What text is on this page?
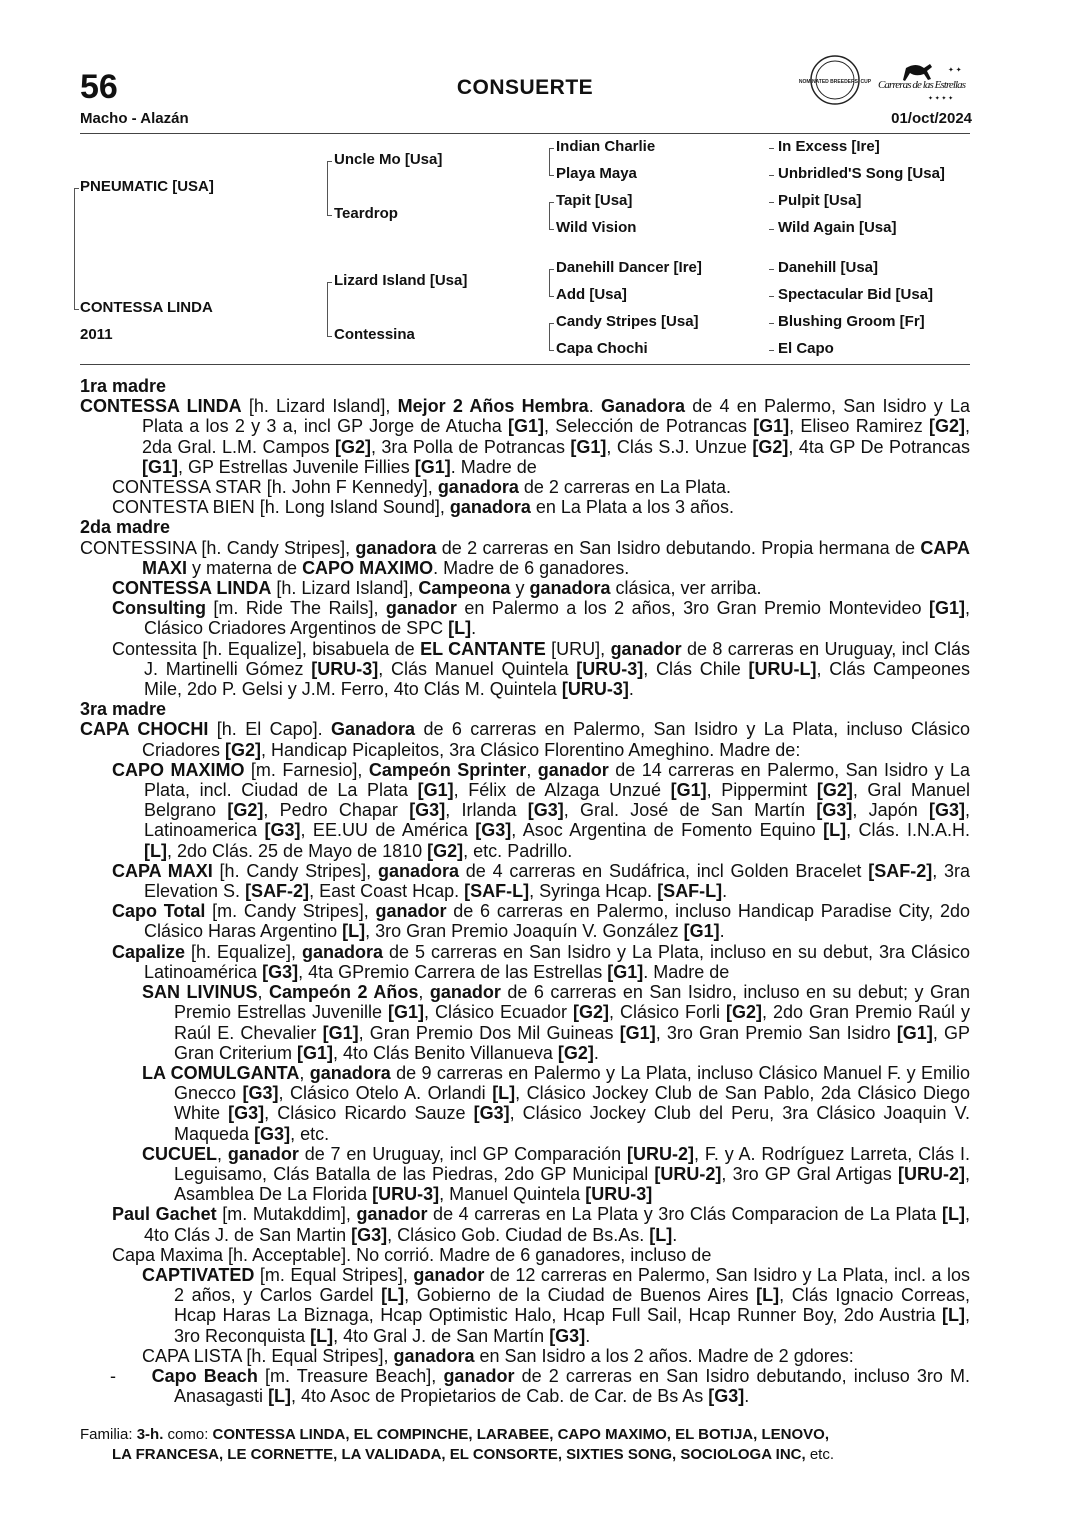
56	CONSUERTE
Macho - Alazán	01/oct/2024
NOMINATED BREEDERS' CUP Carreras de las Estrellas
✦ ✦
✦ ✦ ✦ ✦
PNEUMATIC [USA]
CONTESSA LINDA
2011
Uncle Mo [Usa]
Teardrop
Lizard Island [Usa]
Contessina
Indian Charlie
Playa Maya
Tapit [Usa]
Wild Vision
Danehill Dancer [Ire]
Add [Usa]
Candy Stripes [Usa]
Capa Chochi
In Excess [Ire]
Unbridled'S Song [Usa]
Pulpit [Usa]
Wild Again [Usa]
Danehill [Usa]
Spectacular Bid [Usa]
Blushing Groom [Fr]
El Capo

1ra madre

CONTESSA LINDA [h. Lizard Island], Mejor 2 Años Hembra. Ganadora de 4 en Palermo, San Isidro y La Plata a los 2 y 3 a, incl GP Jorge de Atucha [G1], Selección de Potrancas [G1], Eliseo Ramirez [G2], 2da Gral. L.M. Campos [G2], 3ra Polla de Potrancas [G1], Clás S.J. Unzue [G2], 4ta GP De Potrancas [G1], GP Estrellas Juvenile Fillies [G1]. Madre de

CONTESSA STAR [h. John F Kennedy], ganadora de 2 carreras en La Plata.

CONTESTA BIEN [h. Long Island Sound], ganadora en La Plata a los 3 años.

2da madre

CONTESSINA [h. Candy Stripes], ganadora de 2 carreras en San Isidro debutando. Propia hermana de CAPA MAXI y materna de CAPO MAXIMO. Madre de 6 ganadores.

CONTESSA LINDA [h. Lizard Island], Campeona y ganadora clásica, ver arriba.

Consulting [m. Ride The Rails], ganador en Palermo a los 2 años, 3ro Gran Premio Montevideo [G1], Clásico Criadores Argentinos de SPC [L].

Contessita [h. Equalize], bisabuela de EL CANTANTE [URU], ganador de 8 carreras en Uruguay, incl Clás J. Martinelli Gómez [URU-3], Clás Manuel Quintela [URU-3], Clás Chile [URU-L], Clás Campeones Mile, 2do P. Gelsi y J.M. Ferro, 4to Clás M. Quintela [URU-3].

3ra madre

CAPA CHOCHI [h. El Capo]. Ganadora de 6 carreras en Palermo, San Isidro y La Plata, incluso Clásico Criadores [G2], Handicap Picapleitos, 3ra Clásico Florentino Ameghino. Madre de:

CAPO MAXIMO [m. Farnesio], Campeón Sprinter, ganador de 14 carreras en Palermo, San Isidro y La Plata, incl. Ciudad de La Plata [G1], Félix de Alzaga Unzué [G1], Pippermint [G2], Gral Manuel Belgrano [G2], Pedro Chapar [G3], Irlanda [G3], Gral. José de San Martín [G3], Japón [G3], Latinoamerica [G3], EE.UU de América [G3], Asoc Argentina de Fomento Equino [L], Clás. I.N.A.H. [L], 2do Clás. 25 de Mayo de 1810 [G2], etc. Padrillo.

CAPA MAXI [h. Candy Stripes], ganadora de 4 carreras en Sudáfrica, incl Golden Bracelet [SAF-2], 3ra Elevation S. [SAF-2], East Coast Hcap. [SAF-L], Syringa Hcap. [SAF-L].

Capo Total [m. Candy Stripes], ganador de 6 carreras en Palermo, incluso Handicap Paradise City, 2do Clásico Haras Argentino [L], 3ro Gran Premio Joaquín V. González [G1].

Capalize [h. Equalize], ganadora de 5 carreras en San Isidro y La Plata, incluso en su debut, 3ra Clásico Latinoamérica [G3], 4ta GPremio Carrera de las Estrellas [G1]. Madre de

SAN LIVINUS, Campeón 2 Años, ganador de 6 carreras en San Isidro, incluso en su debut; y Gran Premio Estrellas Juvenille [G1], Clásico Ecuador [G2], Clásico Forli [G2], 2do Gran Premio Raúl y Raúl E. Chevalier [G1], Gran Premio Dos Mil Guineas [G1], 3ro Gran Premio San Isidro [G1], GP Gran Criterium [G1], 4to Clás Benito Villanueva [G2].

LA COMULGANTA, ganadora de 9 carreras en Palermo y La Plata, incluso Clásico Manuel F. y Emilio Gnecco [G3], Clásico Otelo A. Orlandi [L], Clásico Jockey Club de San Pablo, 2da Clásico Diego White [G3], Clásico Ricardo Sauze [G3], Clásico Jockey Club del Peru, 3ra Clásico Joaquin V. Maqueda [G3], etc.

CUCUEL, ganador de 7 en Uruguay, incl GP Comparación [URU-2], F. y A. Rodríguez Larreta, Clás I. Leguisamo, Clás Batalla de las Piedras, 2do GP Municipal [URU-2], 3ro GP Gral Artigas [URU-2], Asamblea De La Florida [URU-3], Manuel Quintela [URU-3]

Paul Gachet [m. Mutakddim], ganador de 4 carreras en La Plata y 3ro Clás Comparacion de La Plata [L], 4to Clás J. de San Martin [G3], Clásico Gob. Ciudad de Bs.As. [L].

Capa Maxima [h. Acceptable]. No corrió. Madre de 6 ganadores, incluso de

CAPTIVATED [m. Equal Stripes], ganador de 12 carreras en Palermo, San Isidro y La Plata, incl. a los 2 años, y Carlos Gardel [L], Gobierno de la Ciudad de Buenos Aires [L], Clás Ignacio Correas, Hcap Haras La Biznaga, Hcap Optimistic Halo, Hcap Full Sail, Hcap Runner Boy, 2do Austria [L], 3ro Reconquista [L], 4to Gral J. de San Martín [G3].

CAPA LISTA [h. Equal Stripes], ganadora en San Isidro a los 2 años. Madre de 2 gdores:

-     Capo Beach [m. Treasure Beach], ganador de 2 carreras en San Isidro debutando, incluso 3ro M. Anasagasti [L], 4to Asoc de Propietarios de Cab. de Car. de Bs As [G3].

Familia: 3-h. como: CONTESSA LINDA, EL COMPINCHE, LARABEE, CAPO MAXIMO, EL BOTIJA, LENOVO,

LA FRANCESA, LE CORNETTE, LA VALIDADA, EL CONSORTE, SIXTIES SONG, SOCIOLOGA INC, etc.
